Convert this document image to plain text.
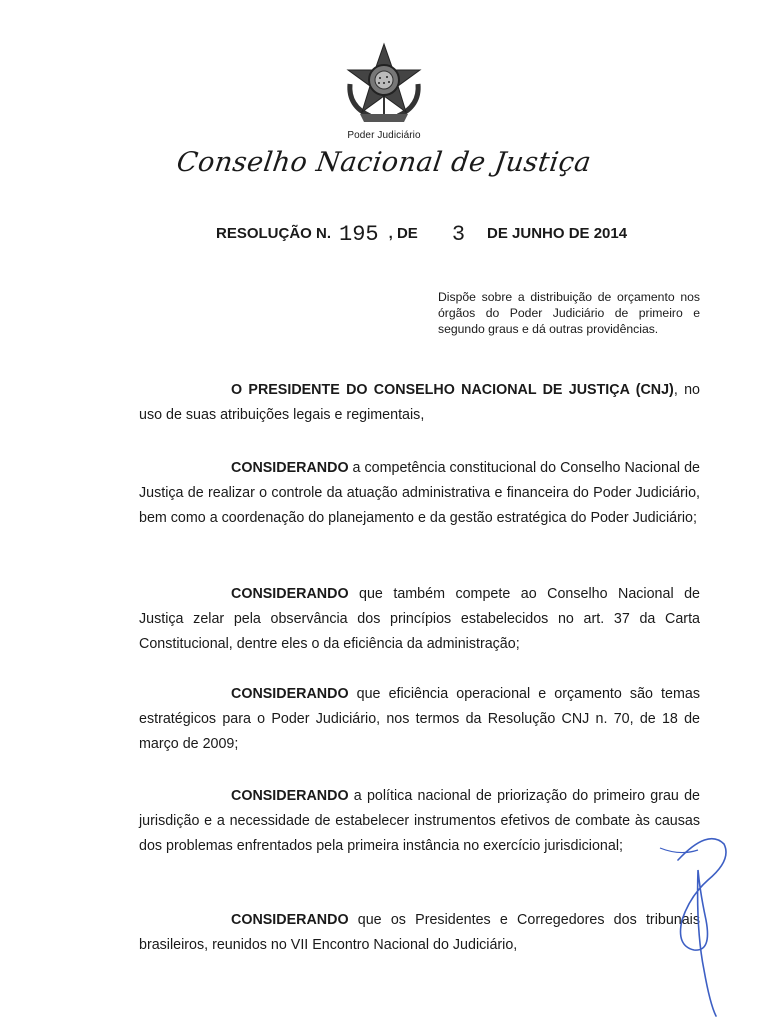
Poder Judiciário
Conselho Nacional de Justiça
RESOLUÇÃO N. 195 , DE 3 DE JUNHO DE 2014
Dispõe sobre a distribuição de orçamento nos órgãos do Poder Judiciário de primeiro e segundo graus e dá outras providências.
O PRESIDENTE DO CONSELHO NACIONAL DE JUSTIÇA (CNJ), no uso de suas atribuições legais e regimentais,
CONSIDERANDO a competência constitucional do Conselho Nacional de Justiça de realizar o controle da atuação administrativa e financeira do Poder Judiciário, bem como a coordenação do planejamento e da gestão estratégica do Poder Judiciário;
CONSIDERANDO que também compete ao Conselho Nacional de Justiça zelar pela observância dos princípios estabelecidos no art. 37 da Carta Constitucional, dentre eles o da eficiência da administração;
CONSIDERANDO que eficiência operacional e orçamento são temas estratégicos para o Poder Judiciário, nos termos da Resolução CNJ n. 70, de 18 de março de 2009;
CONSIDERANDO a política nacional de priorização do primeiro grau de jurisdição e a necessidade de estabelecer instrumentos efetivos de combate às causas dos problemas enfrentados pela primeira instância no exercício jurisdicional;
CONSIDERANDO que os Presidentes e Corregedores dos tribunais brasileiros, reunidos no VII Encontro Nacional do Judiciário,
